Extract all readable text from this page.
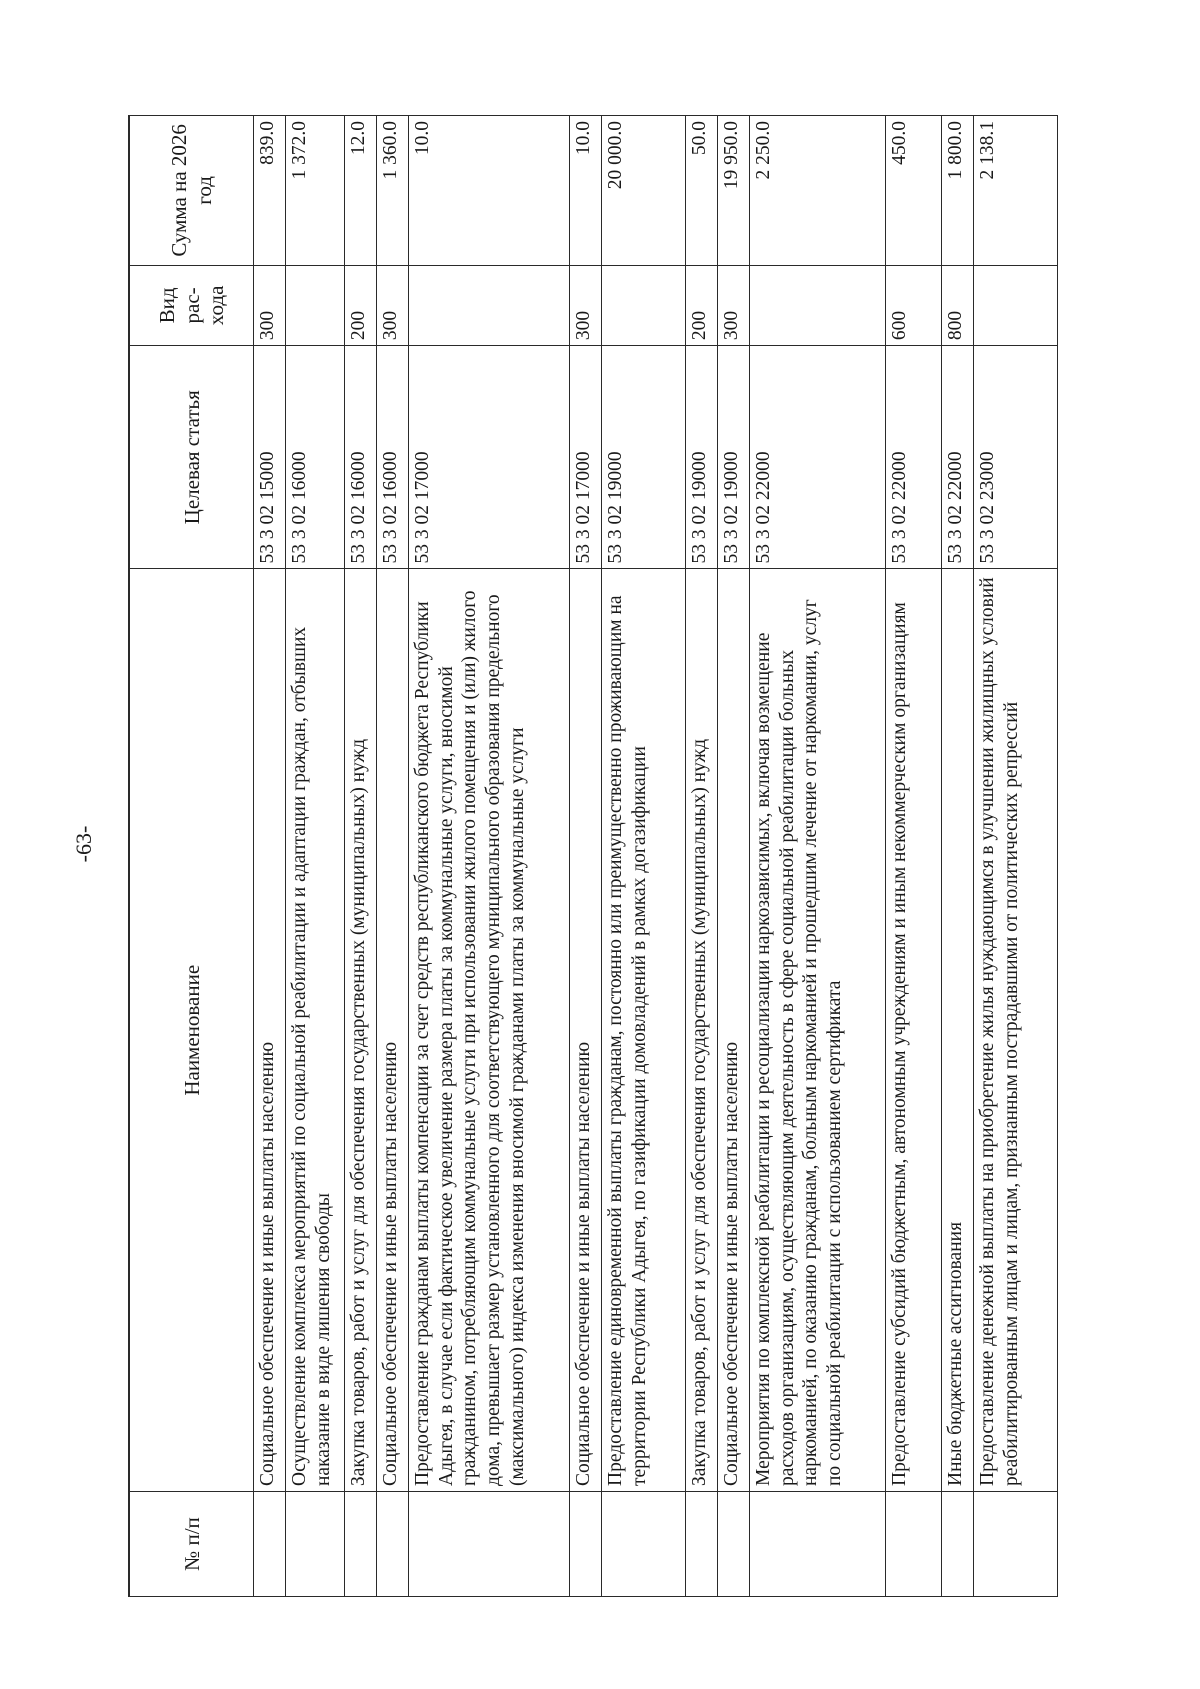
-63-
№ п/п	Наименование	Целевая статья	Вид рас-хода	Сумма на 2026 год
	Социальное обеспечение и иные выплаты населению	53 3 02 15000	300	839.0
	Осуществление комплекса мероприятий по социальной реабилитации и адаптации граждан, отбывших наказание в виде лишения свободы	53 3 02 16000		1 372.0
	Закупка товаров, работ и услуг для обеспечения государственных (муниципальных) нужд	53 3 02 16000	200	12.0
	Социальное обеспечение и иные выплаты населению	53 3 02 16000	300	1 360.0
	Предоставление гражданам выплаты компенсации за счет средств республиканского бюджета Республики Адыгея, в случае если фактическое увеличение размера платы за коммунальные услуги, вносимой гражданином, потребляющим коммунальные услуги при использовании жилого помещения и (или) жилого дома, превышает размер установленного для соответствующего муниципального образования предельного (максимального) индекса изменения вносимой гражданами платы за коммунальные услуги	53 3 02 17000		10.0
	Социальное обеспечение и иные выплаты населению	53 3 02 17000	300	10.0
	Предоставление единовременной выплаты гражданам, постоянно или преимущественно проживающим на территории Республики Адыгея, по газификации домовладений в рамках догазификации	53 3 02 19000		20 000.0
	Закупка товаров, работ и услуг для обеспечения государственных (муниципальных) нужд	53 3 02 19000	200	50.0
	Социальное обеспечение и иные выплаты населению	53 3 02 19000	300	19 950.0
	Мероприятия по комплексной реабилитации и ресоциализации наркозависимых, включая возмещение расходов организациям, осуществляющим деятельность в сфере социальной реабилитации больных наркоманией, по оказанию гражданам, больным наркоманией и прошедшим лечение от наркомании, услуг по социальной реабилитации с использованием сертификата	53 3 02 22000		2 250.0
	Предоставление субсидий бюджетным, автономным учреждениям и иным некоммерческим организациям	53 3 02 22000	600	450.0
	Иные бюджетные ассигнования	53 3 02 22000	800	1 800.0
	Предоставление денежной выплаты на приобретение жилья нуждающимся в улучшении жилищных условий реабилитированным лицам и лицам, признанным пострадавшими от политических репрессий	53 3 02 23000		2 138.1
